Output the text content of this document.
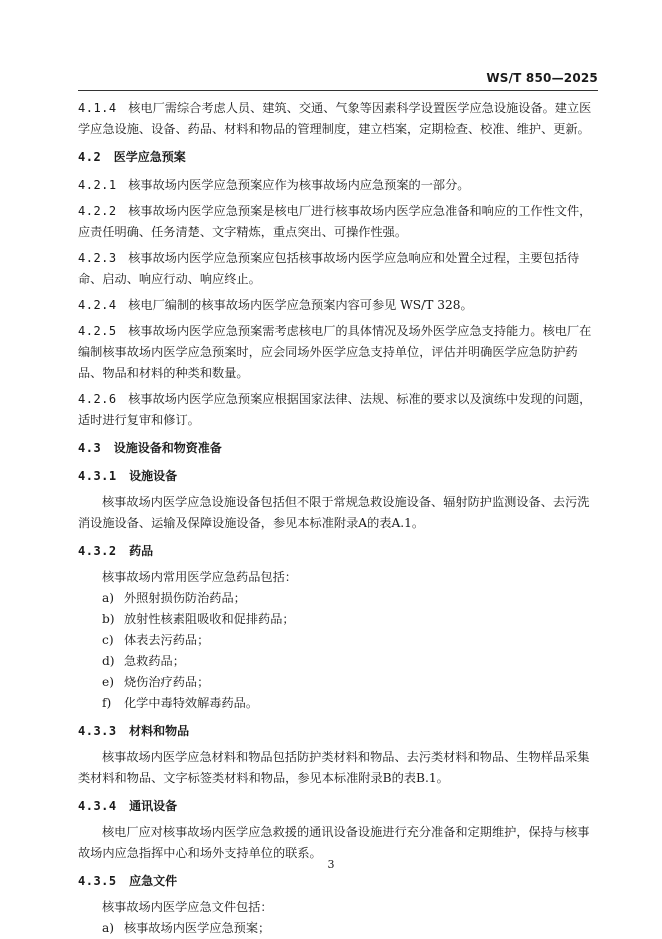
WS/T 850—2025

4.1.4 核电厂需综合考虑人员、建筑、交通、气象等因素科学设置医学应急设施设备。建立医学应急设施、设备、药品、材料和物品的管理制度，建立档案，定期检查、校准、维护、更新。

4.2 医学应急预案

4.2.1 核事故场内医学应急预案应作为核事故场内应急预案的一部分。

4.2.2 核事故场内医学应急预案是核电厂进行核事故场内医学应急准备和响应的工作性文件，应责任明确、任务清楚、文字精炼，重点突出、可操作性强。

4.2.3 核事故场内医学应急预案应包括核事故场内医学应急响应和处置全过程，主要包括待命、启动、响应行动、响应终止。

4.2.4 核电厂编制的核事故场内医学应急预案内容可参见 WS/T 328。

4.2.5 核事故场内医学应急预案需考虑核电厂的具体情况及场外医学应急支持能力。核电厂在编制核事故场内医学应急预案时，应会同场外医学应急支持单位，评估并明确医学应急防护药品、物品和材料的种类和数量。

4.2.6 核事故场内医学应急预案应根据国家法律、法规、标准的要求以及演练中发现的问题，适时进行复审和修订。

4.3 设施设备和物资准备

4.3.1 设施设备

核事故场内医学应急设施设备包括但不限于常规急救设施设备、辐射防护监测设备、去污洗消设施设备、运输及保障设施设备，参见本标准附录A的表A.1。

4.3.2 药品

核事故场内常用医学应急药品包括：

a) 外照射损伤防治药品；

b) 放射性核素阻吸收和促排药品；

c) 体表去污药品；

d) 急救药品；

e) 烧伤治疗药品；

f) 化学中毒特效解毒药品。

4.3.3 材料和物品

核事故场内医学应急材料和物品包括防护类材料和物品、去污类材料和物品、生物样品采集类材料和物品、文字标签类材料和物品，参见本标准附录B的表B.1。

4.3.4 通讯设备

核电厂应对核事故场内医学应急救援的通讯设备设施进行充分准备和定期维护，保持与核事故场内应急指挥中心和场外支持单位的联系。

4.3.5 应急文件

核事故场内医学应急文件包括：

a) 核事故场内医学应急预案；

3
